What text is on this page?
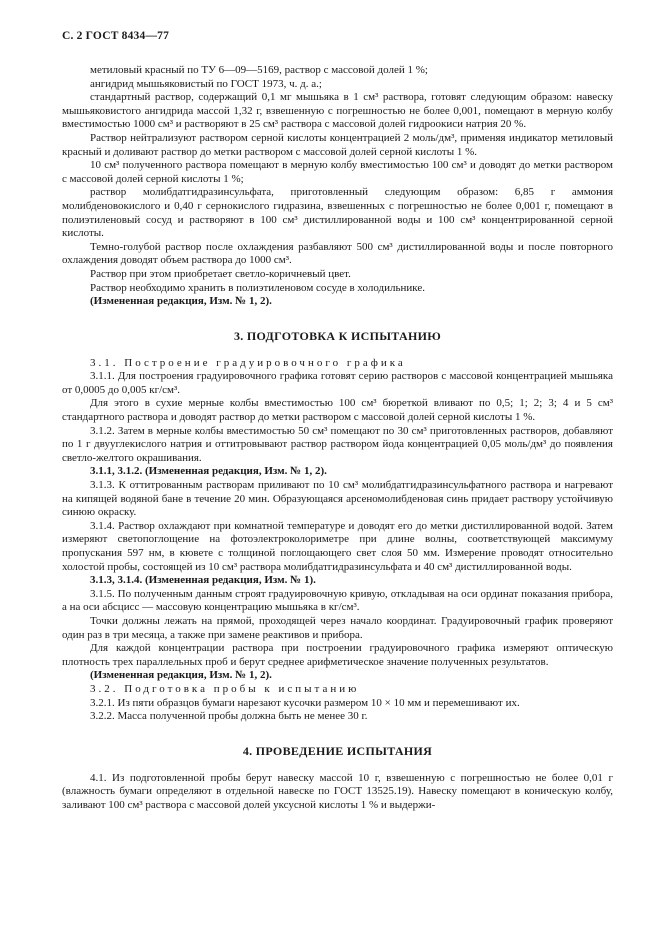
С. 2 ГОСТ 8434—77

метиловый красный по ТУ 6—09—5169, раствор с массовой долей 1 %;

ангидрид мышьяковистый по ГОСТ 1973, ч. д. а.;

стандартный раствор, содержащий 0,1 мг мышьяка в 1 см³ раствора, готовят следующим образом: навеску мышьяковистого ангидрида массой 1,32 г, взвешенную с погрешностью не более 0,001, помещают в мерную колбу вместимостью 1000 см³ и растворяют в 25 см³ раствора с массовой долей гидроокиси натрия 20 %.

Раствор нейтрализуют раствором серной кислоты концентрацией 2 моль/дм³, применяя индикатор метиловый красный и доливают раствор до метки раствором с массовой долей серной кислоты 1 %.

10 см³ полученного раствора помещают в мерную колбу вместимостью 100 см³ и доводят до метки раствором с массовой долей серной кислоты 1 %;

раствор молибдатгидразинсульфата, приготовленный следующим образом: 6,85 г аммония молибденовокислого и 0,40 г сернокислого гидразина, взвешенных с погрешностью не более 0,001 г, помещают в полиэтиленовый сосуд и растворяют в 100 см³ дистиллированной воды и 100 см³ концентрированной серной кислоты.

Темно-голубой раствор после охлаждения разбавляют 500 см³ дистиллированной воды и после повторного охлаждения доводят объем раствора до 1000 см³.

Раствор при этом приобретает светло-коричневый цвет.

Раствор необходимо хранить в полиэтиленовом сосуде в холодильнике.

(Измененная редакция, Изм. № 1, 2).

3. ПОДГОТОВКА К ИСПЫТАНИЮ

3.1. Построение градуировочного графика

3.1.1. Для построения градуировочного графика готовят серию растворов с массовой концентрацией мышьяка от 0,0005 до 0,005 кг/см³.

Для этого в сухие мерные колбы вместимостью 100 см³ бюреткой вливают по 0,5; 1; 2; 3; 4 и 5 см³ стандартного раствора и доводят раствор до метки раствором с массовой долей серной кислоты 1 %.

3.1.2. Затем в мерные колбы вместимостью 50 см³ помещают по 30 см³ приготовленных растворов, добавляют по 1 г двууглекислого натрия и оттитровывают раствор раствором йода концентрацией 0,05 моль/дм³ до появления светло-желтого окрашивания.

3.1.1, 3.1.2. (Измененная редакция, Изм. № 1, 2).

3.1.3. К оттитрованным растворам приливают по 10 см³ молибдатгидразинсульфатного раствора и нагревают на кипящей водяной бане в течение 20 мин. Образующаяся арсеномолибденовая синь придает раствору устойчивую синюю окраску.

3.1.4. Раствор охлаждают при комнатной температуре и доводят его до метки дистиллированной водой. Затем измеряют светопоглощение на фотоэлектроколориметре при длине волны, соответствующей максимуму пропускания 597 нм, в кювете с толщиной поглощающего свет слоя 50 мм. Измерение проводят относительно холостой пробы, состоящей из 10 см³ раствора молибдатгидразинсульфата и 40 см³ дистиллированной воды.

3.1.3, 3.1.4. (Измененная редакция, Изм. № 1).

3.1.5. По полученным данным строят градуировочную кривую, откладывая на оси ординат показания прибора, а на оси абсцисс — массовую концентрацию мышьяка в кг/см³.

Точки должны лежать на прямой, проходящей через начало координат. Градуировочный график проверяют один раз в три месяца, а также при замене реактивов и прибора.

Для каждой концентрации раствора при построении градуировочного графика измеряют оптическую плотность трех параллельных проб и берут среднее арифметическое значение полученных результатов.

(Измененная редакция, Изм. № 1, 2).

3.2. Подготовка пробы к испытанию

3.2.1. Из пяти образцов бумаги нарезают кусочки размером 10 × 10 мм и перемешивают их.

3.2.2. Масса полученной пробы должна быть не менее 30 г.

4. ПРОВЕДЕНИЕ ИСПЫТАНИЯ

4.1. Из подготовленной пробы берут навеску массой 10 г, взвешенную с погрешностью не более 0,01 г (влажность бумаги определяют в отдельной навеске по ГОСТ 13525.19). Навеску помещают в коническую колбу, заливают 100 см³ раствора с массовой долей уксусной кислоты 1 % и выдержи-
